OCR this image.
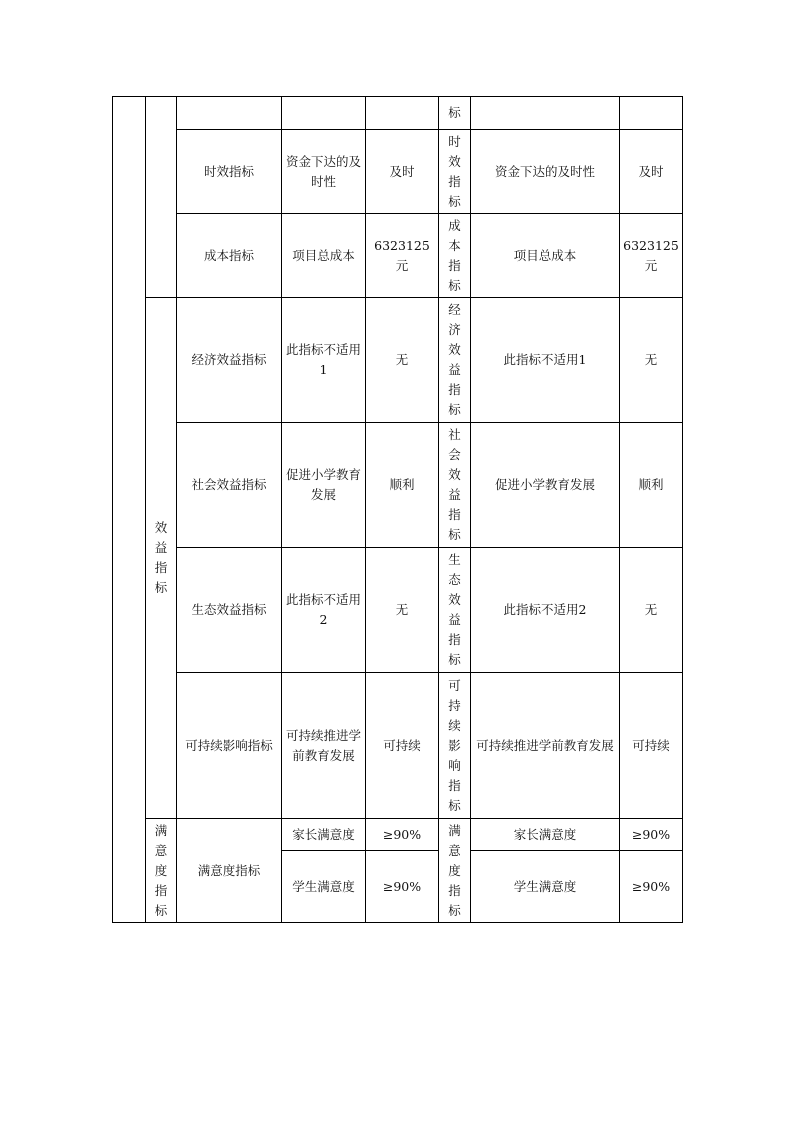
					标		

		时效指标	资金下达的及时性	及时	时效指标	资金下达的及时性	及时
		成本指标	项目总成本	6323125元	成本指标	项目总成本	6323125元

	效益指标	经济效益指标	此指标不适用1	无	经济效益指标	此指标不适用1	无
		社会效益指标	促进小学教育发展	顺利	社会效益指标	促进小学教育发展	顺利
		生态效益指标	此指标不适用2	无	生态效益指标	此指标不适用2	无
		可持续影响指标	可持续推进学前教育发展	可持续	可持续影响指标	可持续推进学前教育发展	可持续

	满意度指标	满意度指标	家长满意度	≥90%	满意度指标	家长满意度	≥90%
			学生满意度	≥90%		学生满意度	≥90%
